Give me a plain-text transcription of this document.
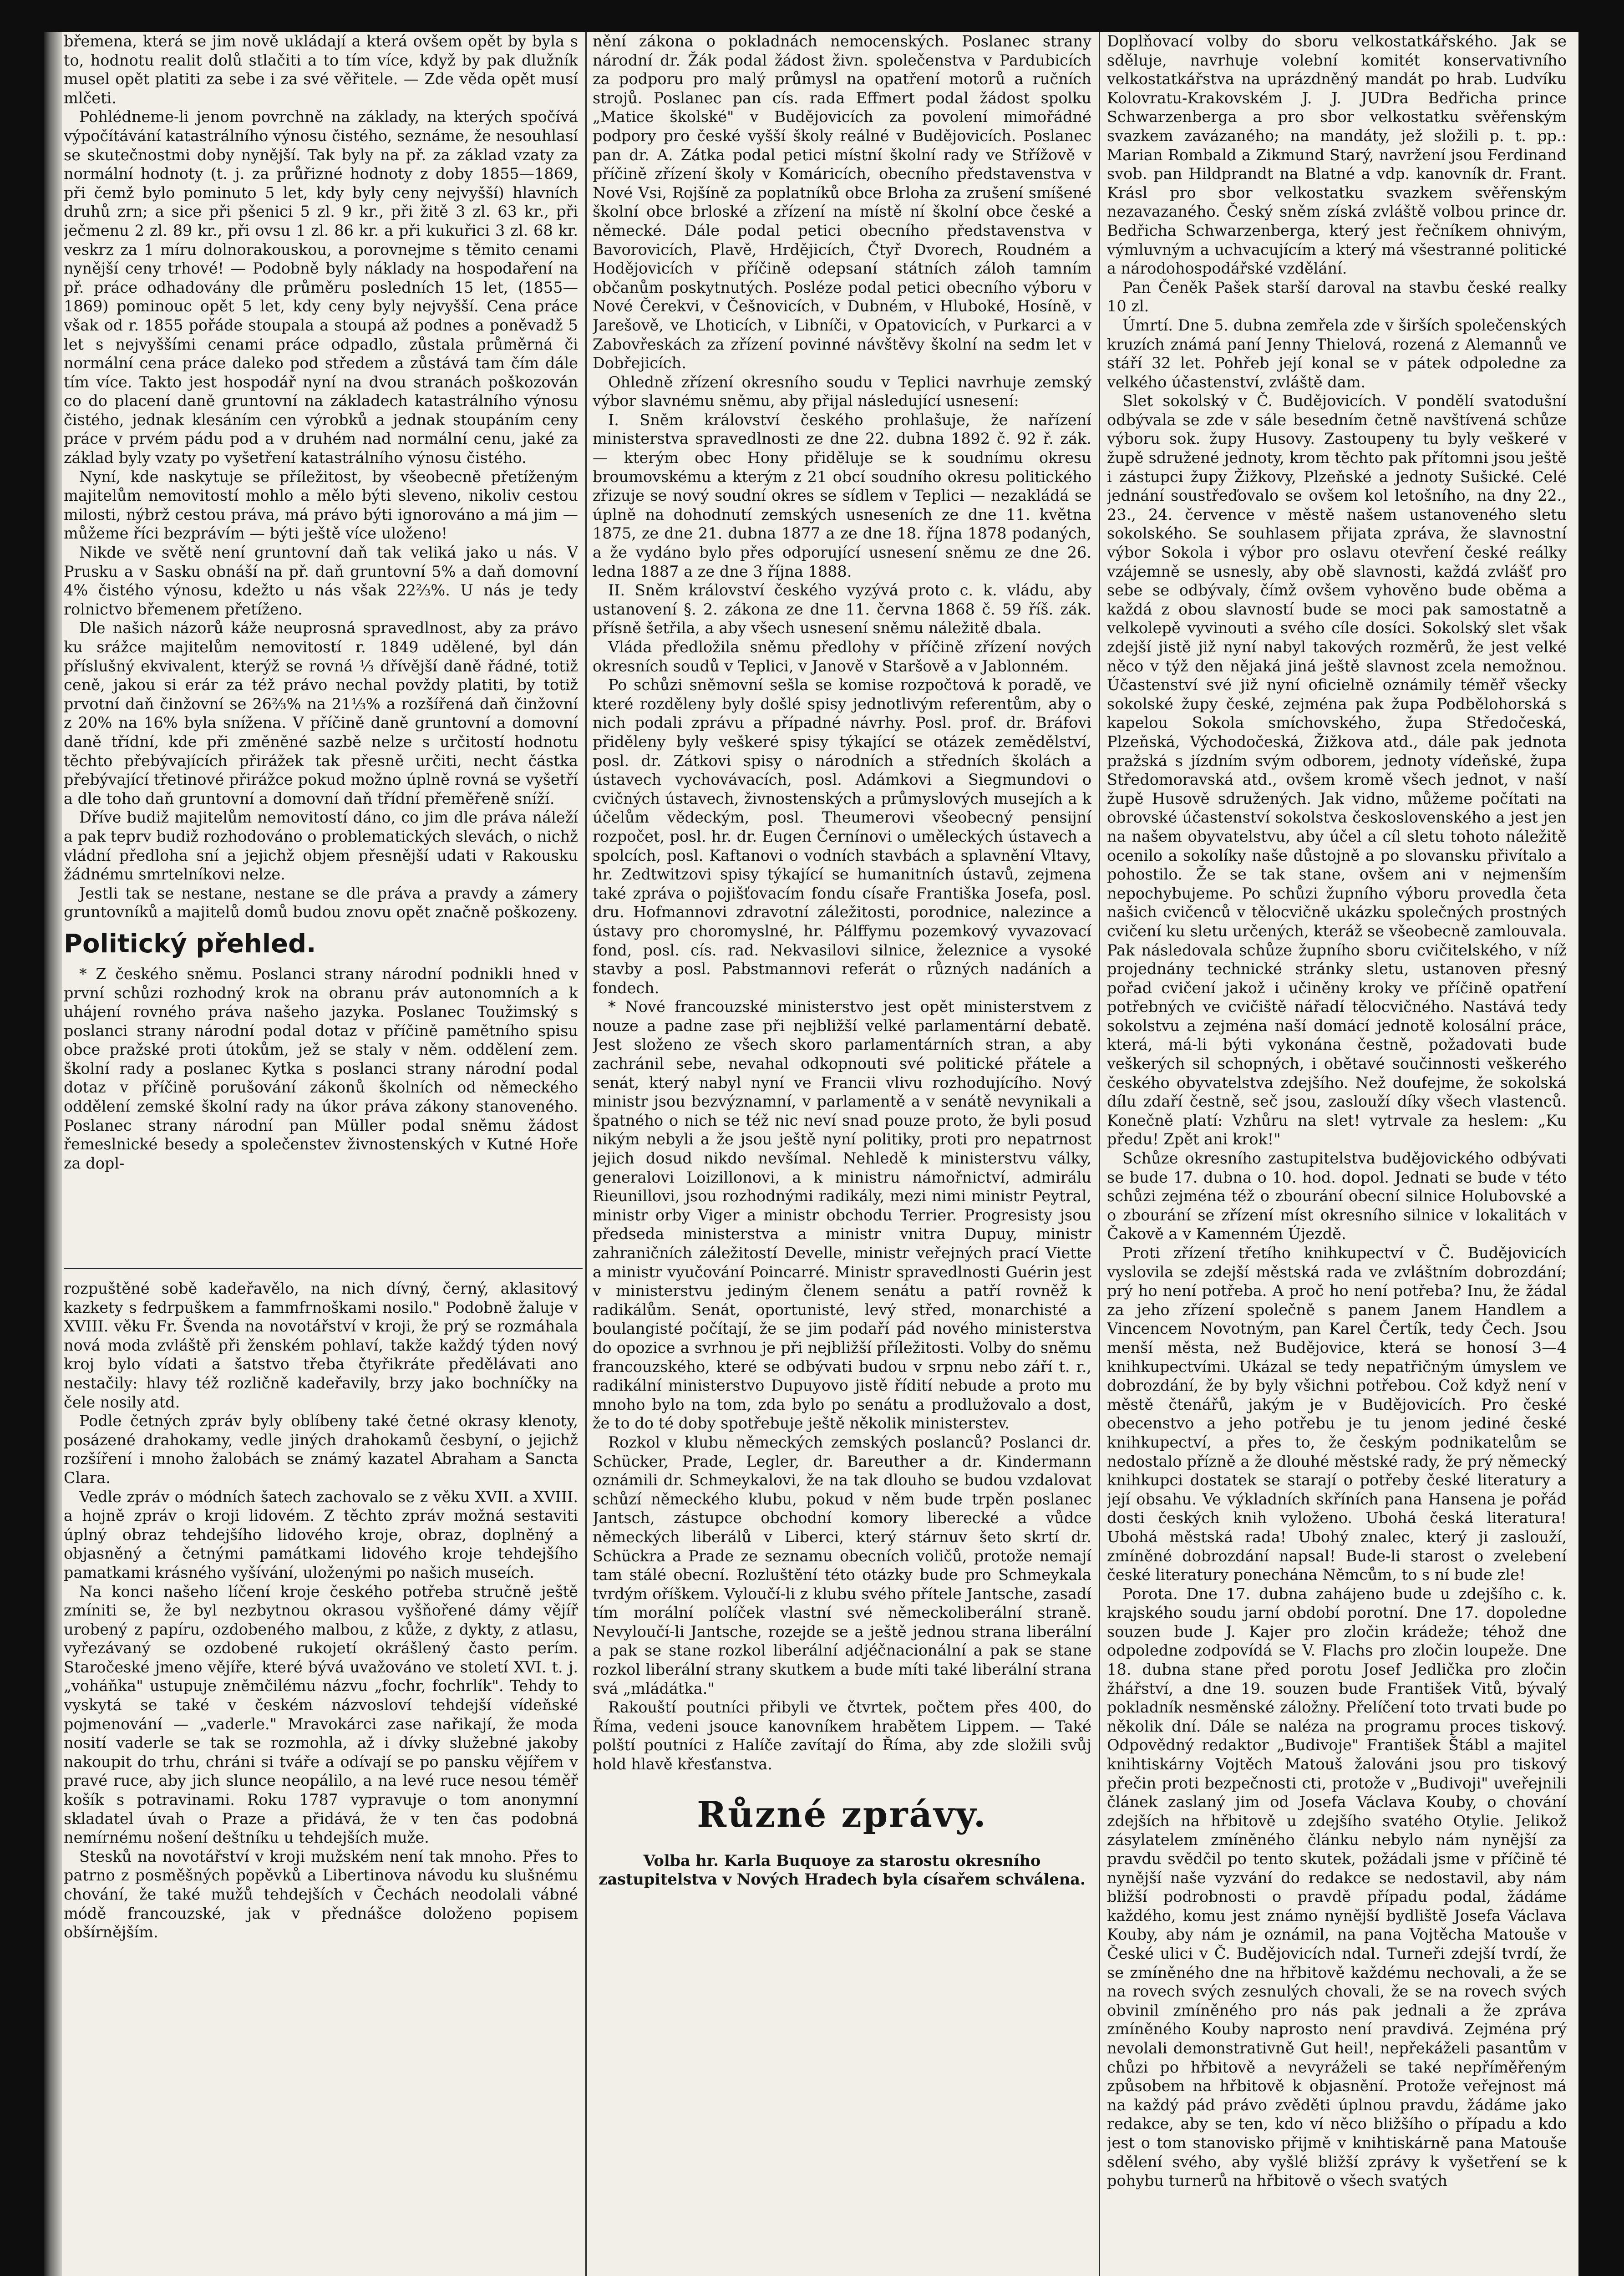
břemena, která se jim nově ukládají a která ovšem opět by byla s to, hodnotu realit dolů stlačiti a to tím více, když by pak dlužník musel opět platiti za sebe i za své věřitele. — Zde věda opět musí mlčeti.

Pohlédneme-li jenom povrchně na základy, na kterých spočívá výpočítávání katastrálního výnosu čistého, seznáme, že nesouhlasí se skutečnostmi doby nynější. Tak byly na př. za základ vzaty za normální hodnoty (t. j. za průřizné hodnoty z doby 1855—1869, při čemž bylo pominuto 5 let, kdy byly ceny nejvyšší) hlavních druhů zrn; a sice při pšenici 5 zl. 9 kr., při žitě 3 zl. 63 kr., při ječmenu 2 zl. 89 kr., při ovsu 1 zl. 86 kr. a při kukuřici 3 zl. 68 kr. veskrz za 1 míru dolnorakouskou, a porovnejme s těmito cenami nynější ceny trhové! — Podobně byly náklady na hospodaření na př. práce odhadovány dle průměru posledních 15 let, (1855—1869) pominouc opět 5 let, kdy ceny byly nejvyšší. Cena práce však od r. 1855 pořáde stoupala a stoupá až podnes a poněvadž 5 let s nejvyššími cenami práce odpadlo, zůstala průměrná či normální cena práce daleko pod středem a zůstává tam čím dále tím více. Takto jest hospodář nyní na dvou stranách poškozován co do placení daně gruntovní na základech katastrálního výnosu čistého, jednak klesáním cen výrobků a jednak stoupáním ceny práce v prvém pádu pod a v druhém nad normální cenu, jaké za základ byly vzaty po vyšetření katastrálního výnosu čistého.

Nyní, kde naskytuje se příležitost, by všeobecně přetíženým majitelům nemovitostí mohlo a mělo býti sleveno, nikoliv cestou milosti, nýbrž cestou práva, má právo býti ignorováno a má jim — můžeme říci bezprávím — býti ještě více uloženo!

Nikde ve světě není gruntovní daň tak veliká jako u nás. V Prusku a v Sasku obnáší na př. daň gruntovní 5% a daň domovní 4% čistého výnosu, kdežto u nás však 22⅔%. U nás je tedy rolnictvo břemenem přetíženo.

Dle našich názorů káže neuprosná spravedlnost, aby za právo ku srážce majitelům nemovitostí r. 1849 udělené, byl dán příslušný ekvivalent, kterýž se rovná ⅓ dřívější daně řádné, totiž ceně, jakou si erár za též právo nechal povždy platiti, by totiž prvotní daň činžovní se 26⅔% na 21⅓% a rozšířená daň činžovní z 20% na 16% byla snížena. V příčině daně gruntovní a domovní daně třídní, kde při změněné sazbě nelze s určitostí hodnotu těchto přebývajících přirážek tak přesně určiti, necht částka přebývající třetinové přirážce pokud možno úplně rovná se vyšetří a dle toho daň gruntovní a domovní daň třídní přeměřeně sníží.

Dříve budiž majitelům nemovitostí dáno, co jim dle práva náleží a pak teprv budiž rozhodováno o problematických slevách, o nichž vládní předloha sní a jejichž objem přesnější udati v Rakousku žádnému smrtelníkovi nelze.

Jestli tak se nestane, nestane se dle práva a pravdy a zámery gruntovníků a majitelů domů budou znovu opět značně poškozeny.

Politický přehled.

* Z českého sněmu. Poslanci strany národní podnikli hned v první schůzi rozhodný krok na obranu práv autonomních a k uhájení rovného práva našeho jazyka. Poslanec Toužimský s poslanci strany národní podal dotaz v příčině pamětního spisu obce pražské proti útokům, jež se staly v něm. oddělení zem. školní rady a poslanec Kytka s poslanci strany národní podal dotaz v příčině porušování zákonů školních od německého oddělení zemské školní rady na úkor práva zákony stanoveného. Poslanec strany národní pan Müller podal sněmu žádost řemeslnické besedy a společenstev živnostenských v Kutné Hoře za dopl-

rozpuštěné sobě kadeřavělo, na nich dívný, černý, aklasitový kazkety s fedrpuškem a fammfrnoškami nosilo." Podobně žaluje v XVIII. věku Fr. Švenda na novotářství v kroji, že prý se rozmáhala nová moda zvláště při ženském pohlaví, takže každý týden nový kroj bylo vídati a šatstvo třeba čtyřikráte předělávati ano nestačily: hlavy též rozličně kadeřavily, brzy jako bochníčky na čele nosily atd.

Podle četných zpráv byly oblíbeny také četné okrasy klenoty, posázené drahokamy, vedle jiných drahokamů česbyní, o jejichž rozšíření i mnoho žalobách se známý kazatel Abraham a Sancta Clara.

Vedle zpráv o módních šatech zachovalo se z věku XVII. a XVIII. a hojně zpráv o kroji lidovém. Z těchto zpráv možná sestaviti úplný obraz tehdejšího lidového kroje, obraz, doplněný a objasněný a četnými památkami lidového kroje tehdejšího pamatkami krásného vyšívání, uloženými po našich museích.

Na konci našeho líčení kroje českého potřeba stručně ještě zmíniti se, že byl nezbytnou okrasou vyšňořené dámy vějíř urobený z papíru, ozdobeného malbou, z kůže, z dykty, z atlasu, vyřezávaný se ozdobené rukojetí okrášlený často perím. Staročeské jmeno vějíře, které bývá uvažováno ve století XVI. t. j. „voháňka" ustupuje zněmčilému názvu „fochr, fochrlík". Tehdy to vyskytá se také v českém názvosloví tehdejší vídeňské pojmenování — „vaderle." Mravokárci zase nařikají, že moda nosití vaderle se tak se rozmohla, až i dívky služebné jakoby nakoupit do trhu, chráni si tváře a odívají se po pansku vějířem v pravé ruce, aby jich slunce neopálilo, a na levé ruce nesou téměř košík s potravinami. Roku 1787 vypravuje o tom anonymní skladatel úvah o Praze a přidává, že v ten čas podobná nemírnému nošení deštníku u tehdejších muže.

Stesků na novotářství v kroji mužském není tak mnoho. Přes to patrno z posměšných popěvků a Libertinova návodu ku slušnému chování, že také mužů tehdejších v Čechách neodolali vábné módě francouzské, jak v přednášce doloženo popisem obšírnějším.

nění zákona o pokladnách nemocenských. Poslanec strany národní dr. Žák podal žádost živn. společenstva v Pardubicích za podporu pro malý průmysl na opatření motorů a ručních strojů. Poslanec pan cís. rada Effmert podal žádost spolku „Matice školské" v Budějovicích za povolení mimořádné podpory pro české vyšší školy reálné v Budějovicích. Poslanec pan dr. A. Zátka podal petici místní školní rady ve Střížově v příčině zřízení školy v Komáricích, obecního představenstva v Nové Vsi, Rojšíně za poplatníků obce Brloha za zrušení smíšené školní obce brloské a zřízení na místě ní školní obce české a německé. Dále podal petici obecního představenstva v Bavorovicích, Plavě, Hrdějicích, Čtyř Dvorech, Roudném a Hodějovicích v příčině odepsaní státních záloh tamním občanům poskytnutých. Posléze podal petici obecního výboru v Nové Čerekvi, v Češnovicích, v Dubném, v Hluboké, Hosíně, v Jarešově, ve Lhoticích, v Libníči, v Opatovicích, v Purkarci a v Zabovřeskách za zřízení povinné návštěvy školní na sedm let v Dobřejicích.

Ohledně zřízení okresního soudu v Teplici navrhuje zemský výbor slavnému sněmu, aby přijal následující usnesení:

I. Sněm království českého prohlašuje, že nařízení ministerstva spravedlnosti ze dne 22. dubna 1892 č. 92 ř. zák. — kterým obec Hony přiděluje se k soudnímu okresu broumovskému a kterým z 21 obcí soudního okresu politického zřizuje se nový soudní okres se sídlem v Teplici — nezakládá se úplně na dohodnutí zemských usneseních ze dne 11. května 1875, ze dne 21. dubna 1877 a ze dne 18. října 1878 podaných, a že vydáno bylo přes odporující usnesení sněmu ze dne 26. ledna 1887 a ze dne 3 října 1888.

II. Sněm království českého vyzývá proto c. k. vládu, aby ustanovení §. 2. zákona ze dne 11. června 1868 č. 59 říš. zák. přísně šetřila, a aby všech usnesení sněmu náležitě dbala.

Vláda předložila sněmu předlohy v příčině zřízení nových okresních soudů v Teplici, v Janově v Staršově a v Jablonném.

Po schůzi sněmovní sešla se komise rozpočtová k poradě, ve které rozděleny byly došlé spisy jednotlivým referentům, aby o nich podali zprávu a případné návrhy. Posl. prof. dr. Bráfovi přiděleny byly veškeré spisy týkající se otázek zemědělství, posl. dr. Zátkovi spisy o národních a středních školách a ústavech vychovávacích, posl. Adámkovi a Siegmundovi o cvičných ústavech, živnostenských a průmyslových musejích a k účelům vědeckým, posl. Theumerovi všeobecný pensijní rozpočet, posl. hr. dr. Eugen Černínovi o uměleckých ústavech a spolcích, posl. Kaftanovi o vodních stavbách a splavnění Vltavy, hr. Zedtwitzovi spisy týkající se humanitních ústavů, zejmena také zpráva o pojišťovacím fondu císaře Františka Josefa, posl. dru. Hofmannovi zdravotní záležitosti, porodnice, nalezince a ústavy pro choromyslné, hr. Pálffymu pozemkový vyvazovací fond, posl. cís. rad. Nekvasilovi silnice, železnice a vysoké stavby a posl. Pabstmannovi referát o různých nadáních a fondech.

* Nové francouzské ministerstvo jest opět ministerstvem z nouze a padne zase při nejbližší velké parlamentární debatě. Jest složeno ze všech skoro parlamentárních stran, a aby zachránil sebe, nevahal odkopnouti své politické přátele a senát, který nabyl nyní ve Francii vlivu rozhodujícího. Nový ministr jsou bezvýznamní, v parlamentě a v senátě nevynikali a špatného o nich se též nic neví snad pouze proto, že byli posud nikým nebyli a že jsou ještě nyní politiky, proti pro nepatrnost jejich dosud nikdo nevšímal. Nehledě k ministerstvu války, generalovi Loizillonovi, a k ministru námořnictví, admirálu Rieunillovi, jsou rozhodnými radikály, mezi nimi ministr Peytral, ministr orby Viger a ministr obchodu Terrier. Progresisty jsou předseda ministerstva a ministr vnitra Dupuy, ministr zahraničních záležitostí Develle, ministr veřejných prací Viette a ministr vyučování Poincarré. Ministr spravedlnosti Guérin jest v ministerstvu jediným členem senátu a patří rovněž k radikálům. Senát, oportunisté, levý střed, monarchisté a boulangisté počítají, že se jim podaří pád nového ministerstva do opozice a svrhnou je při nejbližší příležitosti. Volby do sněmu francouzského, které se odbývati budou v srpnu nebo září t. r., radikální ministerstvo Dupuyovo jistě řídití nebude a proto mu mnoho bylo na tom, zda bylo po senátu a prodlužovalo a dost, že to do té doby spotřebuje ještě několik ministerstev.

Rozkol v klubu německých zemských poslanců? Poslanci dr. Schücker, Prade, Legler, dr. Bareuther a dr. Kindermann oznámili dr. Schmeykalovi, že na tak dlouho se budou vzdalovat schůzí německého klubu, pokud v něm bude trpěn poslanec Jantsch, zástupce obchodní komory liberecké a vůdce německých liberálů v Liberci, který stárnuv šeto skrtí dr. Schückra a Prade ze seznamu obecních voličů, protože nemají tam stálé obecní. Rozluštění této otázky bude pro Schmeykala tvrdým oříškem. Vyloučí-li z klubu svého přítele Jantsche, zasadí tím morální políček vlastní své německoliberální straně. Nevyloučí-li Jantsche, rozejde se a ještě jednou strana liberální a pak se stane rozkol liberální adjéčnacionální a pak se stane rozkol liberální strany skutkem a bude míti také liberální strana svá „mládátka."

Rakouští poutníci přibyli ve čtvrtek, počtem přes 400, do Říma, vedeni jsouce kanovníkem hrabětem Lippem. — Také polští poutníci z Halíče zavítají do Říma, aby zde složili svůj hold hlavě křesťanstva.

Různé zprávy.

Volba hr. Karla Buquoye za starostu okresního zastupitelstva v Nových Hradech byla císařem schválena.

Doplňovací volby do sboru velkostatkářského. Jak se sděluje, navrhuje volební komitét konservativního velkostatkářstva na uprázdněný mandát po hrab. Ludvíku Kolovratu-Krakovském J. J. JUDra Bedřicha prince Schwarzenberga a pro sbor velkostatku svěřenským svazkem zavázaného; na mandáty, jež složili p. t. pp.: Marian Rombald a Zikmund Starý, navržení jsou Ferdinand svob. pan Hildprandt na Blatné a vdp. kanovník dr. Frant. Krásl pro sbor velkostatku svazkem svěřenským nezavazaného. Český sněm získá zvláště volbou prince dr. Bedřicha Schwarzenberga, který jest řečníkem ohnivým, výmluvným a uchvacujícím a který má všestranné politické a národohospodářské vzdělání.

Pan Čeněk Pašek starší daroval na stavbu české realky 10 zl.

Úmrtí. Dne 5. dubna zemřela zde v širších společenských kruzích známá paní Jenny Thielová, rozená z Alemannů ve stáří 32 let. Pohřeb její konal se v pátek odpoledne za velkého účastenství, zvláště dam.

Slet sokolský v Č. Budějovicích. V pondělí svatodušní odbývala se zde v sále besedním četně navštívená schůze výboru sok. župy Husovy. Zastoupeny tu byly veškeré v župě sdružené jednoty, krom těchto pak přítomni jsou ještě i zástupci župy Žižkovy, Plzeňské a jednoty Sušické. Celé jednání soustřeďovalo se ovšem kol letošního, na dny 22., 23., 24. července v městě našem ustanoveného sletu sokolského. Se souhlasem přijata zpráva, že slavnostní výbor Sokola i výbor pro oslavu otevření české reálky vzájemně se usnesly, aby obě slavnosti, každá zvlášť pro sebe se odbývaly, čímž ovšem vyhověno bude oběma a každá z obou slavností bude se moci pak samostatně a velkolepě vyvinouti a svého cíle dosíci. Sokolský slet však zdejší jistě již nyní nabyl takových rozměrů, že jest velké něco v týž den nějaká jiná ještě slavnost zcela nemožnou. Účastenství své již nyní oficielně oznámily téměř všecky sokolské župy české, zejména pak župa Podbělohorská s kapelou Sokola smíchovského, župa Středočeská, Plzeňská, Východočeská, Žižkova atd., dále pak jednota pražská s jízdním svým odborem, jednoty vídeňské, župa Středomoravská atd., ovšem kromě všech jednot, v naší župě Husově sdružených. Jak vidno, můžeme počítati na obrovské účastenství sokolstva československého a jest jen na našem obyvatelstvu, aby účel a cíl sletu tohoto náležitě ocenilo a sokolíky naše důstojně a po slovansku přivítalo a pohostilo. Že se tak stane, ovšem ani v nejmenším nepochybujeme. Po schůzi župního výboru provedla četa našich cvičenců v tělocvičně ukázku společných prostných cvičení ku sletu určených, kteráž se všeobecně zamlouvala. Pak následovala schůze župního sboru cvičitelského, v níž projednány technické stránky sletu, ustanoven přesný pořad cvičení jakož i učiněny kroky ve příčině opatření potřebných ve cvičiště nářadí tělocvičného. Nastává tedy sokolstvu a zejména naší domácí jednotě kolosální práce, která, má-li býti vykonána čestně, požadovati bude veškerých sil schopných, i obětavé součinnosti veškerého českého obyvatelstva zdejšího. Než doufejme, že sokolská dílu zdaří čestně, seč jsou, zaslouží díky všech vlastenců. Konečně platí: Vzhůru na slet! vytrvale za heslem: „Ku předu! Zpět ani krok!"

Schůze okresního zastupitelstva budějovického odbývati se bude 17. dubna o 10. hod. dopol. Jednati se bude v této schůzi zejména též o zbourání obecní silnice Holubovské a o zbourání se zřízení míst okresního silnice v lokalitách v Čakově a v Kamenném Újezdě.

Proti zřízení třetího knihkupectví v Č. Budějovicích vyslovila se zdejší městská rada ve zvláštním dobrozdání; prý ho není potřeba. A proč ho není potřeba? Inu, že žádal za jeho zřízení společně s panem Janem Handlem a Vincencem Novotným, pan Karel Čertík, tedy Čech. Jsou menší města, než Budějovice, která se honosí 3—4 knihkupectvími. Ukázal se tedy nepatřičným úmyslem ve dobrozdání, že by byly všichni potřebou. Což když není v městě čtenářů, jakým je v Budějovicích. Pro české obecenstvo a jeho potřebu je tu jenom jediné české knihkupectví, a přes to, že českým podnikatelům se nedostalo přízně a že dlouhé městské rady, že prý německý knihkupci dostatek se starají o potřeby české literatury a její obsahu. Ve výkladních skříních pana Hansena je pořád dosti českých knih vyloženo. Ubohá česká literatura! Ubohá městská rada! Ubohý znalec, který ji zaslouží, zmíněné dobrozdání napsal! Bude-li starost o zvelebení české literatury ponechána Němcům, to s ní bude zle!

Porota. Dne 17. dubna zahájeno bude u zdejšího c. k. krajského soudu jarní období porotní. Dne 17. dopoledne souzen bude J. Kajer pro zločin krádeže; téhož dne odpoledne zodpovídá se V. Flachs pro zločin loupeže. Dne 18. dubna stane před porotu Josef Jedlička pro zločin žhářství, a dne 19. souzen bude František Vitů, bývalý pokladník nesměnské záložny. Přelíčení toto trvati bude po několik dní. Dále se naléza na programu proces tiskový. Odpovědný redaktor „Budivoje" František Štábl a majitel knihtiskárny Vojtěch Matouš žalováni jsou pro tiskový přečin proti bezpečnosti cti, protože v „Budivoji" uveřejnili článek zaslaný jim od Josefa Václava Kouby, o chování zdejších na hřbitově u zdejšího svatého Otylie. Jelikož zásylatelem zmíněného článku nebylo nám nynější za pravdu svědčil po tento skutek, požádali jsme v příčině té nynější naše vyzvání do redakce se nedostavil, aby nám bližší podrobnosti o pravdě případu podal, žádáme každého, komu jest známo nynější bydliště Josefa Václava Kouby, aby nám je oznámil, na pana Vojtěcha Matouše v České ulici v Č. Budějovicích ndal. Turneři zdejší tvrdí, že se zmíněného dne na hřbitově každému nechovali, a že se na rovech svých zesnulých chovali, že se na rovech svých obvinil zmíněného pro nás pak jednali a že zpráva zmíněného Kouby naprosto není pravdivá. Zejména prý nevolali demonstrativně Gut heil!, nepřekáželi pasantům v chůzi po hřbitově a nevyráželi se také nepříměřeným způsobem na hřbitově k objasnění. Protože veřejnost má na každý pád právo zvěděti úplnou pravdu, žádáme jako redakce, aby se ten, kdo ví něco bližšího o případu a kdo jest o tom stanovisko přijmě v knihtiskárně pana Matouše sdělení svého, aby vyšlé bližší zprávy k vyšetření se k pohybu turnerů na hřbitově o všech svatých
